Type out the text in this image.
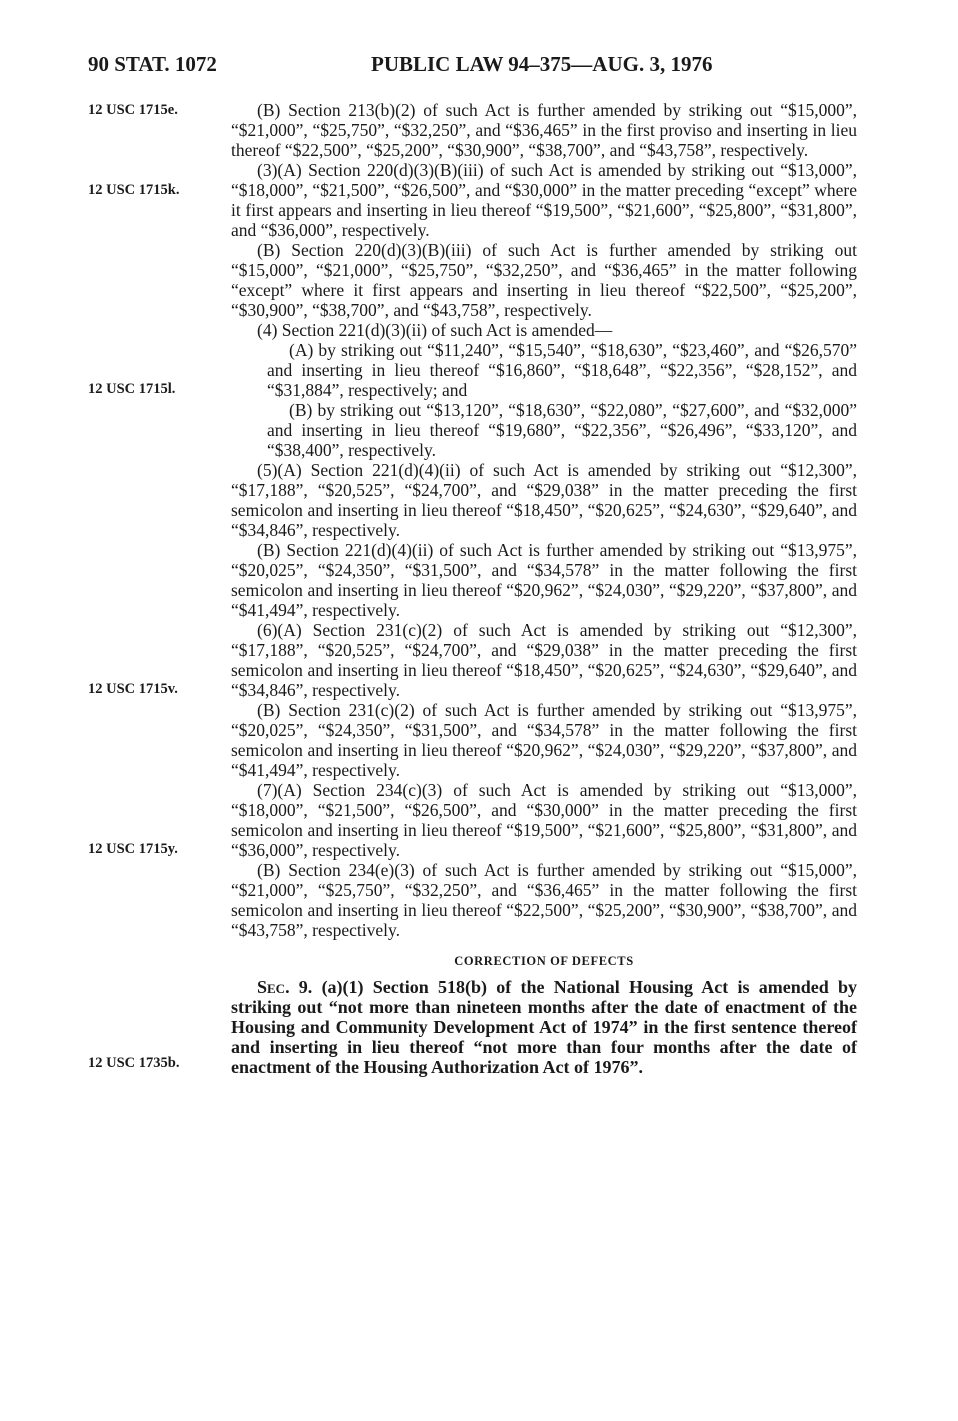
90 STAT. 1072	PUBLIC LAW 94–375—AUG. 3, 1976
12 USC 1715e.
12 USC 1715k.
12 USC 1715l.
12 USC 1715v.
12 USC 1715y.
12 USC 1735b.

(B) Section 213(b)(2) of such Act is further amended by striking out “$15,000”, “$21,000”, “$25,750”, “$32,250”, and “$36,465” in the first proviso and inserting in lieu thereof “$22,500”, “$25,200”, “$30,900”, “$38,700”, and “$43,758”, respectively.

(3)(A) Section 220(d)(3)(B)(iii) of such Act is amended by striking out “$13,000”, “$18,000”, “$21,500”, “$26,500”, and “$30,000” in the matter preceding “except” where it first appears and inserting in lieu thereof “$19,500”, “$21,600”, “$25,800”, “$31,800”, and “$36,000”, respectively.

(B) Section 220(d)(3)(B)(iii) of such Act is further amended by striking out “$15,000”, “$21,000”, “$25,750”, “$32,250”, and “$36,465” in the matter following “except” where it first appears and inserting in lieu thereof “$22,500”, “$25,200”, “$30,900”, “$38,700”, and “$43,758”, respectively.

(4) Section 221(d)(3)(ii) of such Act is amended—

(A) by striking out “$11,240”, “$15,540”, “$18,630”, “$23,460”, and “$26,570” and inserting in lieu thereof “$16,860”, “$18,648”, “$22,356”, “$28,152”, and “$31,884”, respectively; and

(B) by striking out “$13,120”, “$18,630”, “$22,080”, “$27,600”, and “$32,000” and inserting in lieu thereof “$19,680”, “$22,356”, “$26,496”, “$33,120”, and “$38,400”, respectively.

(5)(A) Section 221(d)(4)(ii) of such Act is amended by striking out “$12,300”, “$17,188”, “$20,525”, “$24,700”, and “$29,038” in the matter preceding the first semicolon and inserting in lieu thereof “$18,450”, “$20,625”, “$24,630”, “$29,640”, and “$34,846”, respectively.

(B) Section 221(d)(4)(ii) of such Act is further amended by striking out “$13,975”, “$20,025”, “$24,350”, “$31,500”, and “$34,578” in the matter following the first semicolon and inserting in lieu thereof “$20,962”, “$24,030”, “$29,220”, “$37,800”, and “$41,494”, respectively.

(6)(A) Section 231(c)(2) of such Act is amended by striking out “$12,300”, “$17,188”, “$20,525”, “$24,700”, and “$29,038” in the matter preceding the first semicolon and inserting in lieu thereof “$18,450”, “$20,625”, “$24,630”, “$29,640”, and “$34,846”, respectively.

(B) Section 231(c)(2) of such Act is further amended by striking out “$13,975”, “$20,025”, “$24,350”, “$31,500”, and “$34,578” in the matter following the first semicolon and inserting in lieu thereof “$20,962”, “$24,030”, “$29,220”, “$37,800”, and “$41,494”, respectively.

(7)(A) Section 234(c)(3) of such Act is amended by striking out “$13,000”, “$18,000”, “$21,500”, “$26,500”, and “$30,000” in the matter preceding the first semicolon and inserting in lieu thereof “$19,500”, “$21,600”, “$25,800”, “$31,800”, and “$36,000”, respectively.

(B) Section 234(e)(3) of such Act is further amended by striking out “$15,000”, “$21,000”, “$25,750”, “$32,250”, and “$36,465” in the matter following the first semicolon and inserting in lieu thereof “$22,500”, “$25,200”, “$30,900”, “$38,700”, and “$43,758”, respectively.

CORRECTION OF DEFECTS

Sec. 9. (a)(1) Section 518(b) of the National Housing Act is amended by striking out “not more than nineteen months after the date of enactment of the Housing and Community Development Act of 1974” in the first sentence thereof and inserting in lieu thereof “not more than four months after the date of enactment of the Housing Authorization Act of 1976”.
